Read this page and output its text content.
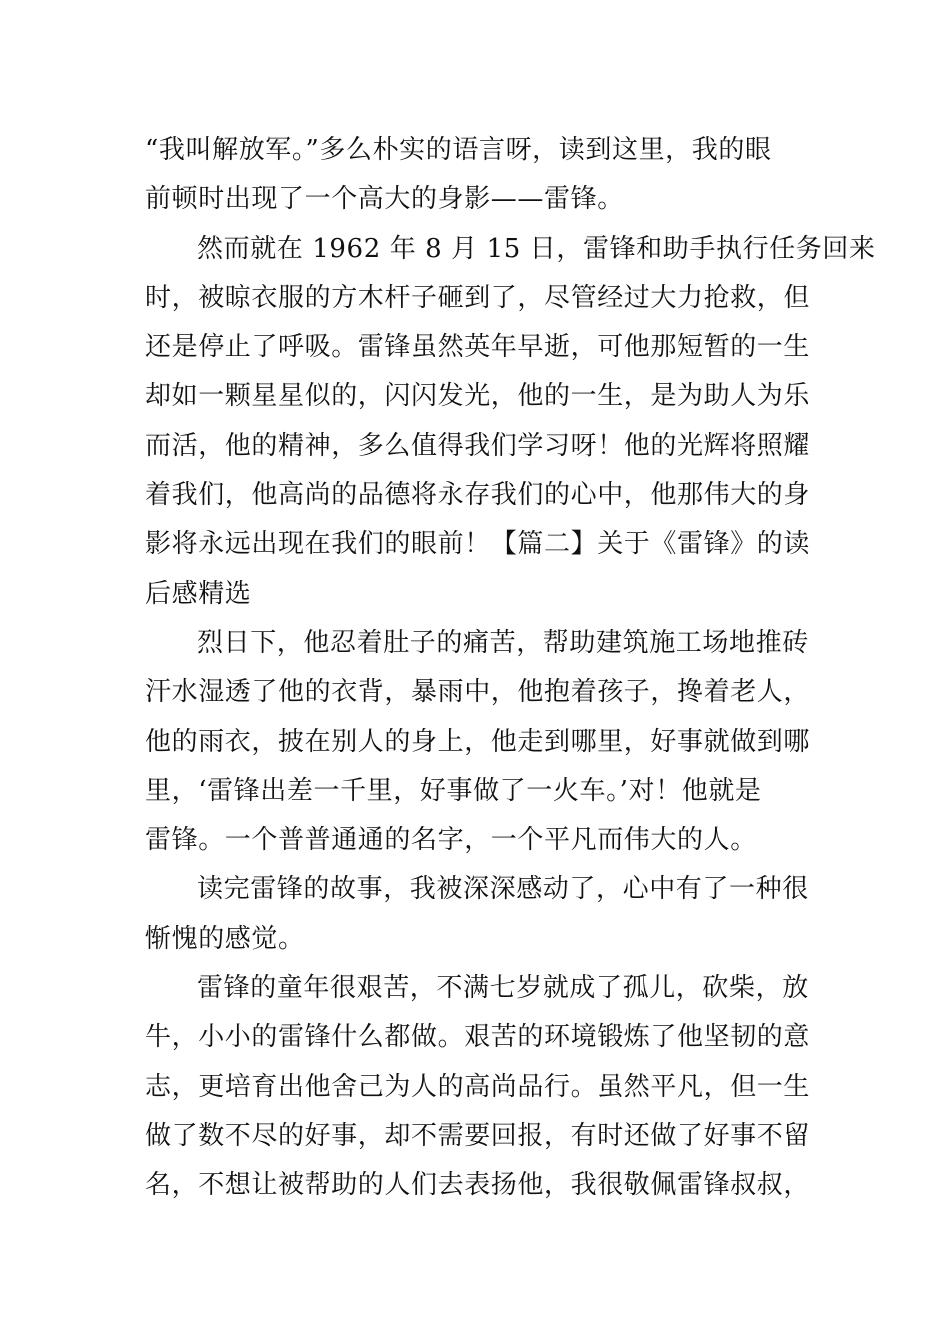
“我叫解放军。”多么朴实的语言呀，读到这里，我的眼
前顿时出现了一个高大的身影——雷锋。
然而就在 1962 年 8 月 15 日，雷锋和助手执行任务回来
时，被晾衣服的方木杆子砸到了，尽管经过大力抢救，但
还是停止了呼吸。雷锋虽然英年早逝，可他那短暂的一生
却如一颗星星似的，闪闪发光，他的一生，是为助人为乐
而活，他的精神，多么值得我们学习呀！他的光辉将照耀
着我们，他高尚的品德将永存我们的心中，他那伟大的身
影将永远出现在我们的眼前！【篇二】关于《雷锋》的读
后感精选
烈日下，他忍着肚子的痛苦，帮助建筑施工场地推砖
汗水湿透了他的衣背，暴雨中，他抱着孩子，搀着老人，
他的雨衣，披在别人的身上，他走到哪里，好事就做到哪
里，‘雷锋出差一千里，好事做了一火车。’对！他就是
雷锋。一个普普通通的名字，一个平凡而伟大的人。
读完雷锋的故事，我被深深感动了，心中有了一种很
惭愧的感觉。
雷锋的童年很艰苦，不满七岁就成了孤儿，砍柴，放
牛，小小的雷锋什么都做。艰苦的环境锻炼了他坚韧的意
志，更培育出他舍己为人的高尚品行。虽然平凡，但一生
做了数不尽的好事，却不需要回报，有时还做了好事不留
名，不想让被帮助的人们去表扬他，我很敬佩雷锋叔叔，
